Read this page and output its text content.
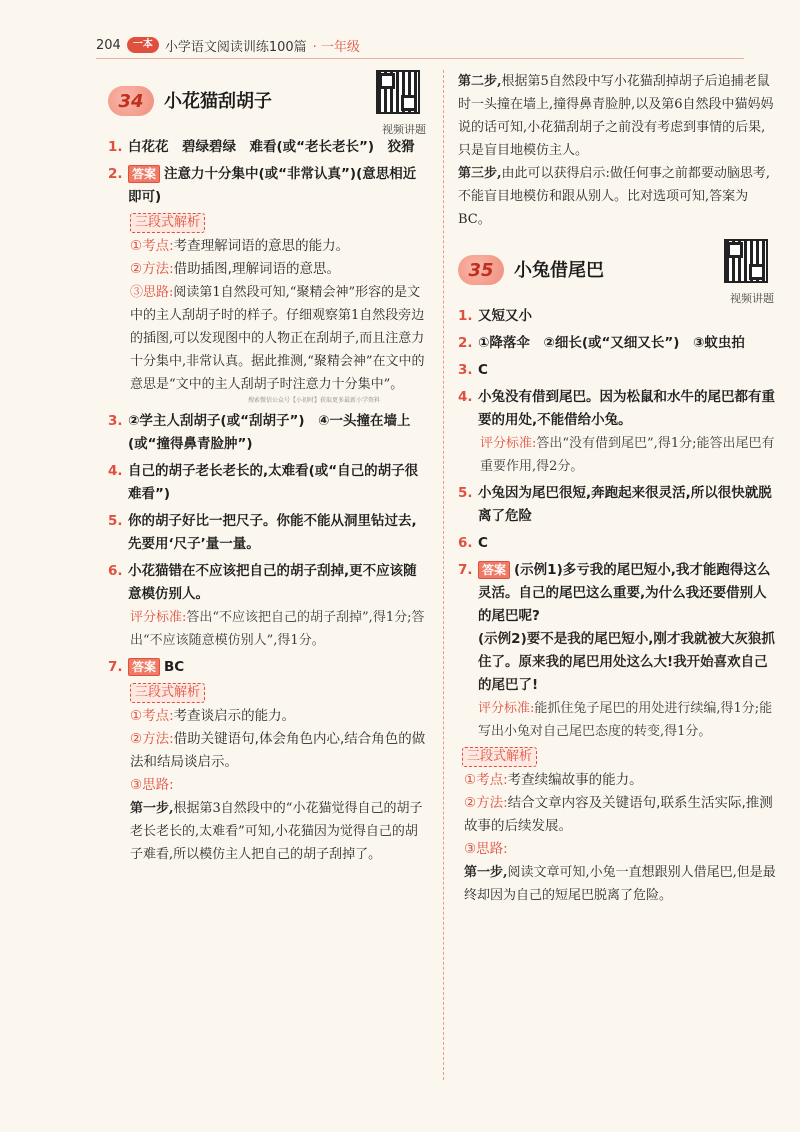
204	一本 小学语文阅读训练100篇 · 一年级
34	小花猫刮胡子
视频讲题
1. 白花花　碧绿碧绿　难看(或“老长老长”)　狡猾
2. 答案 注意力十分集中(或“非常认真”)(意思相近即可)
三段式解析
①考点:考查理解词语的意思的能力。
②方法:借助插图,理解词语的意思。
③思路:阅读第1自然段可知,“聚精会神”形容的是文中的主人刮胡子时的样子。仔细观察第1自然段旁边的插图,可以发现图中的人物正在刮胡子,而且注意力十分集中,非常认真。据此推测,“聚精会神”在文中的意思是“文中的主人刮胡子时注意力十分集中”。
搜索微信公众号【小初时】获取更多最新小学资料
3. ②学主人刮胡子(或“刮胡子”)　④一头撞在墙上(或“撞得鼻青脸肿”)
4. 自己的胡子老长老长的,太难看(或“自己的胡子很难看”)
5. 你的胡子好比一把尺子。你能不能从洞里钻过去,先要用‘尺子’量一量。
6. 小花猫错在不应该把自己的胡子刮掉,更不应该随意模仿别人。
评分标准:答出“不应该把自己的胡子刮掉”,得1分;答出“不应该随意模仿别人”,得1分。
7. 答案 BC
三段式解析
①考点:考查谈启示的能力。
②方法:借助关键语句,体会角色内心,结合角色的做法和结局谈启示。
③思路:
第一步,根据第3自然段中的“小花猫觉得自己的胡子老长老长的,太难看”可知,小花猫因为觉得自己的胡子难看,所以模仿主人把自己的胡子刮掉了。
第二步,根据第5自然段中写小花猫刮掉胡子后追捕老鼠时一头撞在墙上,撞得鼻青脸肿,以及第6自然段中猫妈妈说的话可知,小花猫刮胡子之前没有考虑到事情的后果,只是盲目地模仿主人。
第三步,由此可以获得启示:做任何事之前都要动脑思考,不能盲目地模仿和跟从别人。比对选项可知,答案为BC。
35	小兔借尾巴
视频讲题
1. 又短又小
2. ①降落伞　②细长(或“又细又长”)　③蚊虫拍
3. C
4. 小兔没有借到尾巴。因为松鼠和水牛的尾巴都有重要的用处,不能借给小兔。
评分标准:答出“没有借到尾巴”,得1分;能答出尾巴有重要作用,得2分。
5. 小兔因为尾巴很短,奔跑起来很灵活,所以很快就脱离了危险
6. C
7. 答案 (示例1)多亏我的尾巴短小,我才能跑得这么灵活。自己的尾巴这么重要,为什么我还要借别人的尾巴呢?
(示例2)要不是我的尾巴短小,刚才我就被大灰狼抓住了。原来我的尾巴用处这么大!我开始喜欢自己的尾巴了!
评分标准:能抓住兔子尾巴的用处进行续编,得1分;能写出小兔对自己尾巴态度的转变,得1分。
三段式解析
①考点:考查续编故事的能力。
②方法:结合文章内容及关键语句,联系生活实际,推测故事的后续发展。
③思路:
第一步,阅读文章可知,小兔一直想跟别人借尾巴,但是最终却因为自己的短尾巴脱离了危险。
